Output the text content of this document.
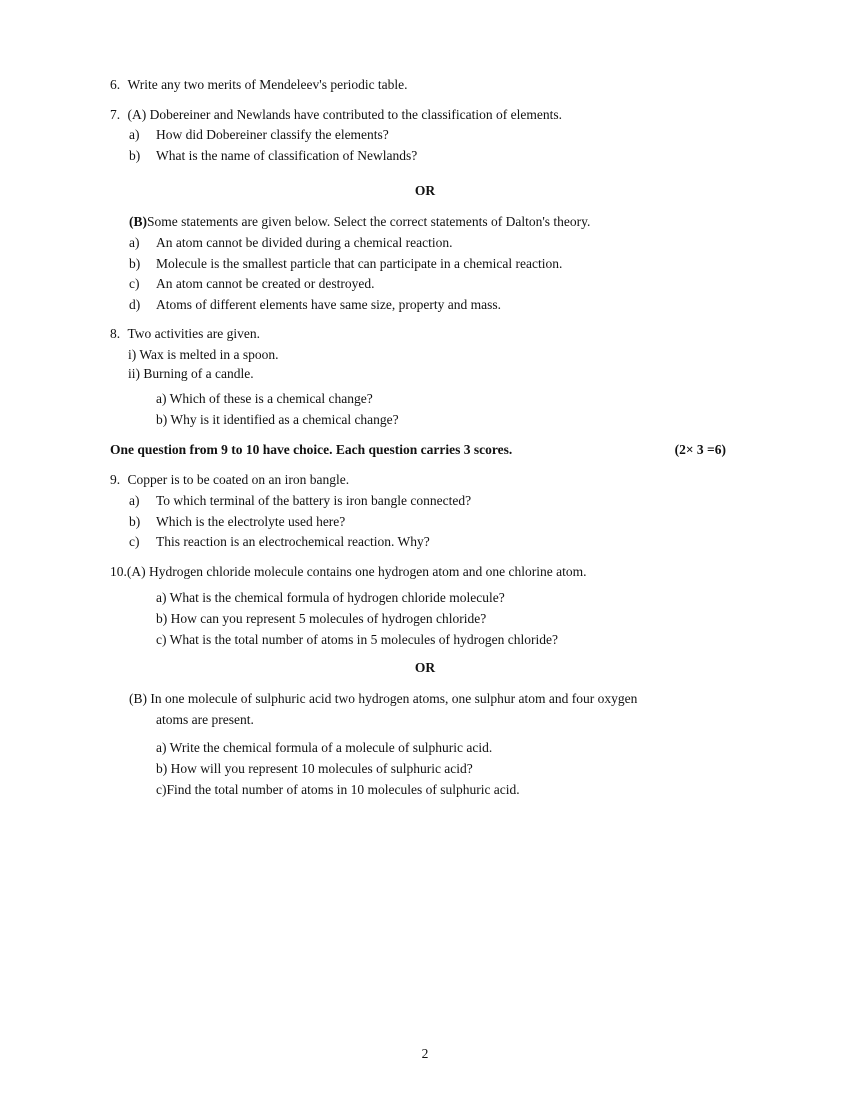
6. Write any two merits of Mendeleev's periodic table.
7. (A) Dobereiner and Newlands have contributed to the classification of elements.
a) How did Dobereiner classify the elements?
b) What is the name of classification of Newlands?
OR
(B)Some statements are given below. Select the correct statements of Dalton's theory.
a) An atom cannot be divided during a chemical reaction.
b) Molecule is the smallest particle that can participate in a chemical reaction.
c) An atom cannot be created or destroyed.
d) Atoms of different elements have same size, property and mass.
8. Two activities are given.
i) Wax is melted in a spoon.
ii) Burning of a candle.
a) Which of these is a chemical change?
b) Why is it identified as a chemical change?
One question from 9 to 10 have choice. Each question carries 3 scores.	(2× 3 =6)
9. Copper is to be coated on an iron bangle.
a) To which terminal of the battery is iron bangle connected?
b) Which is the electrolyte used here?
c) This reaction is an electrochemical reaction. Why?
10.(A) Hydrogen chloride molecule contains one hydrogen atom and one chlorine atom.
a) What is the chemical formula of hydrogen chloride molecule?
b) How can you represent 5 molecules of hydrogen chloride?
c) What is the total number of atoms in 5 molecules of hydrogen chloride?
OR
(B) In one molecule of sulphuric acid two hydrogen atoms, one sulphur atom and four oxygen
atoms are present.
a) Write the chemical formula of a molecule of sulphuric acid.
b) How will you represent 10 molecules of sulphuric acid?
c)Find the total number of atoms in 10 molecules of sulphuric acid.
2
